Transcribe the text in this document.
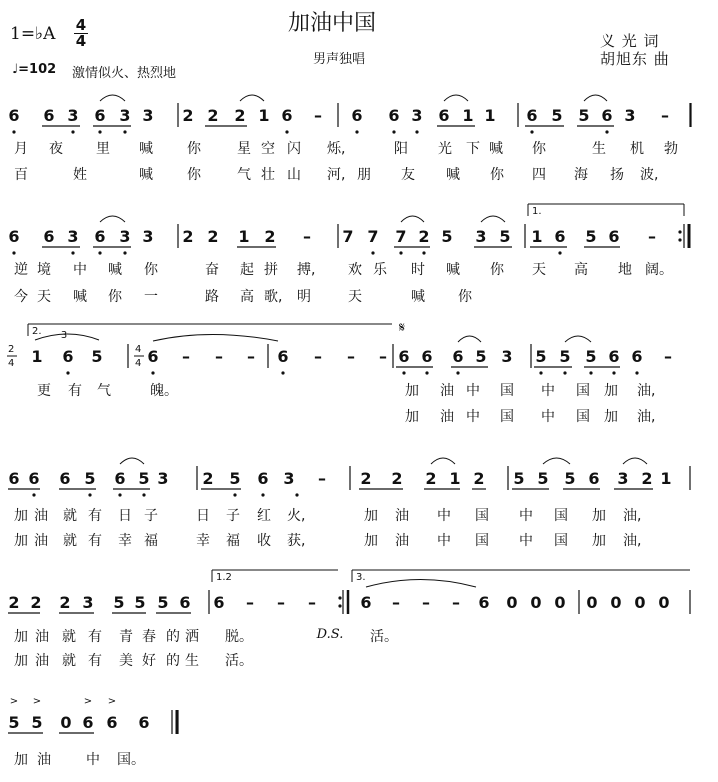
加油中国
男声独唱
1=♭A $\frac{4}{4}$
♩=102 激情似火、热烈地
义 光 词
胡旭东 曲
6 6 3 6 3 3 2 2 2 1 6 – 6 6 3 6 1 1 6 5 5 6 3 –
月 夜 里 喊 你	星 空 闪 烁,	阳 光 下 喊 你	生 机 勃
百	姓	喊 你	气 壮 山 河, 朋 友 喊 你 四 海 扬 波,
6 6 3 6 3 3 2 2 1 2 – 7 7 7 2 5 3 5 1 6 5 6 –
逆 境 中 喊 你	奋 起 拼 搏, 欢 乐 时 喊 你 天 高 地 阔。
今 天 喊 你 一	路 高 歌, 明	天	喊 你
1 6 5	6 – – – 6 – – – 6 6 6 5 3 5 5 5 6 6 –
更 有 气	魄。	加 油 中 国 中 国 加 油,
加 油 中 国 中 国 加 油,
6 6 6 5 6 5 3 2 5 6 3 – 2 2 2 1 2 5 5 5 6 3 2 1
加 油 就 有 日 子	日 子 红 火,	加 油 中 国 中 国 加 油,
加 油 就 有 幸 福	幸 福 收 获,	加 油 中 国 中 国 加 油,
2 2 2 3 5 5 5 6 6 – – –	6 – – – 6 0 0 0 0 0 0 0
加 油 就 有 青 春 的 洒 脱。	活。
加 油 就 有 美 好 的 生 活。
5 5 0 6 6 6
加 油	中 国。
1.
2.
1.2	3.
3	𝄋
2
4
4
4
D.S.
> >	> >
